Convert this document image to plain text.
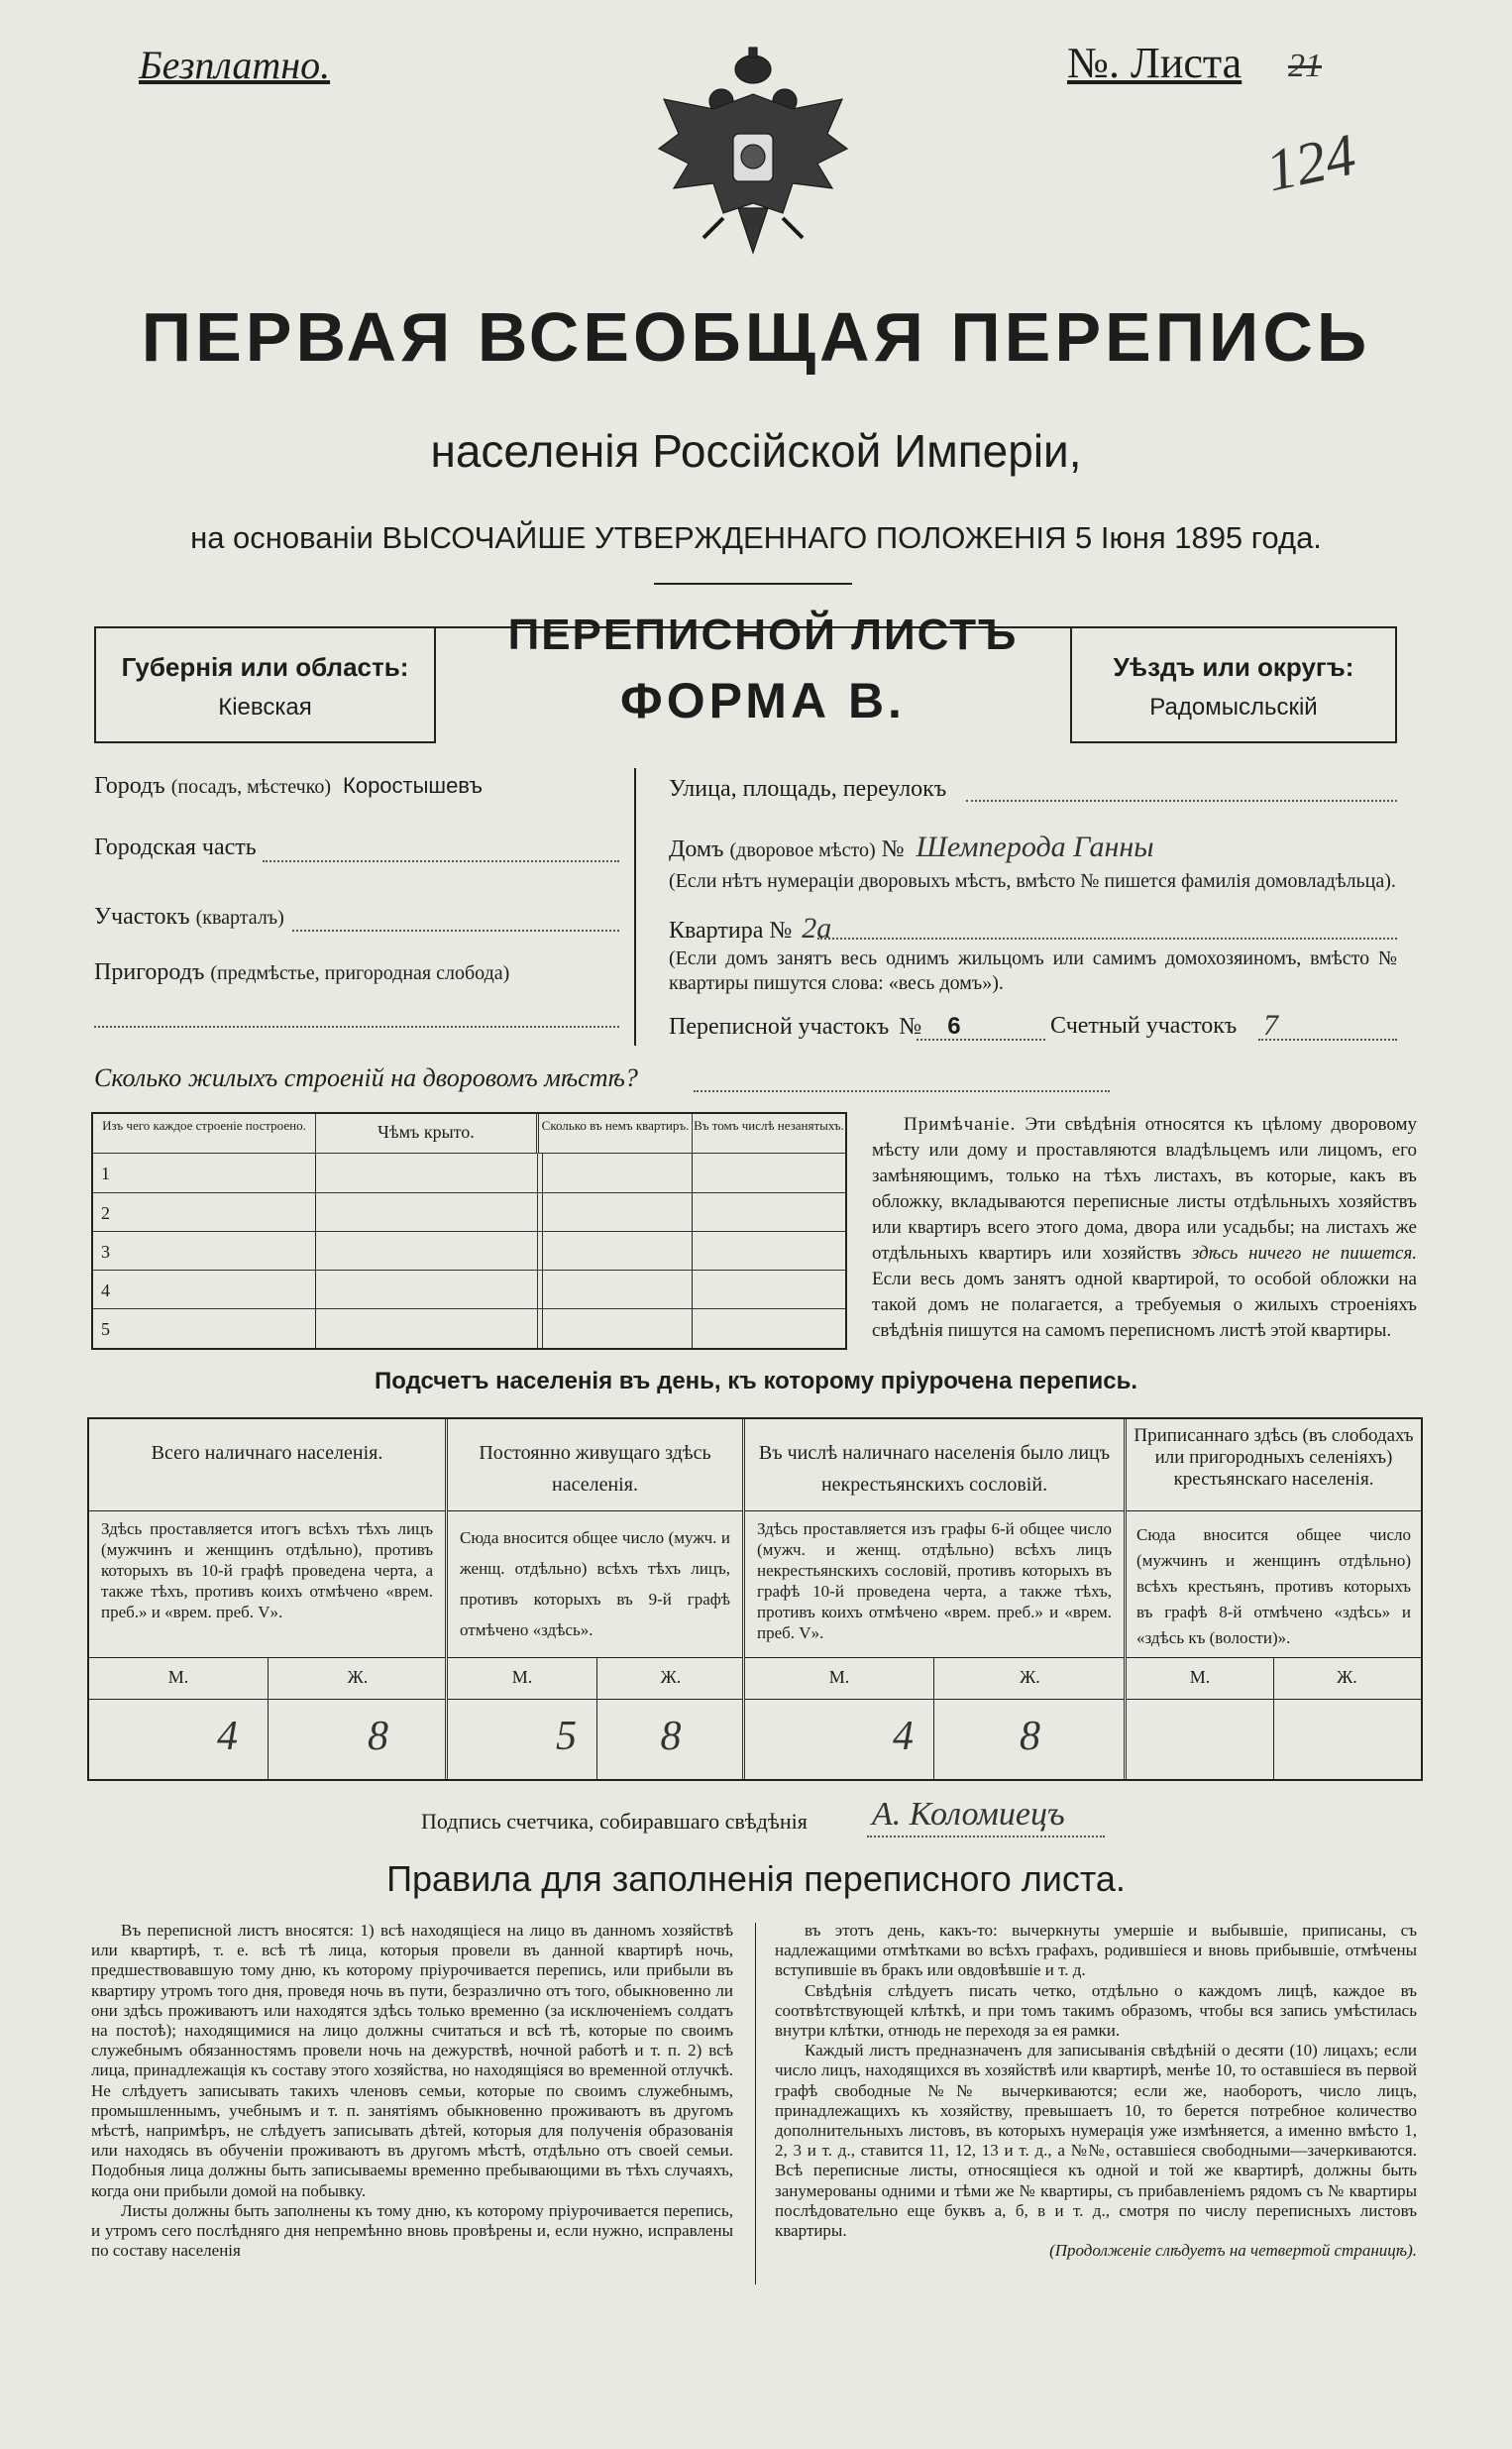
Безплатно.	№. Листа 21
124
ПЕРВАЯ ВСЕОБЩАЯ ПЕРЕПИСЬ
населенія Россійской Имперіи,
на основаніи ВЫСОЧАЙШЕ УТВЕРЖДЕННАГО ПОЛОЖЕНІЯ 5 Іюня 1895 года.
Губернія или область:
Кіевская
ПЕРЕПИСНОЙ ЛИСТЪ
ФОРМА В.
Уѣздъ или округъ:
Радомысльскій
Городъ (посадъ, мѣстечко) Коростышевъ
Городская часть
Участокъ (кварталъ)
Пригородъ (предмѣстье, пригородная слобода)
Улица, площадь, переулокъ
Домъ (дворовое мѣсто) № Шемперода Ганны
(Если нѣтъ нумераціи дворовыхъ мѣстъ, вмѣсто № пишется фамилія домовладѣльца).
Квартира № 2а
(Если домъ занятъ весь однимъ жильцомъ или самимъ домохозяиномъ, вмѣсто № квартиры пишутся слова: «весь домъ»).
Переписной участокъ № 6	Счетный участокъ 7
Сколько жилыхъ строеній на дворовомъ мѣстѣ?
Изъ чего каждое строеніе построено.	Чѣмъ крыто.	Сколько въ немъ квартиръ. Въ томъ числѣ незанятыхъ.
1
2
3
4
5
Примѣчаніе. Эти свѣдѣнія относятся къ цѣлому дворовому мѣсту или дому и проставляются владѣльцемъ или лицомъ, его замѣняющимъ, только на тѣхъ листахъ, въ которые, какъ въ обложку, вкладываются переписные листы отдѣльныхъ хозяйствъ или квартиръ всего этого дома, двора или усадьбы; на листахъ же отдѣльныхъ квартиръ или хозяйствъ здѣсь ничего не пишется. Если весь домъ занятъ одной квартирой, то особой обложки на такой домъ не полагается, а требуемыя о жилыхъ строеніяхъ свѣдѣнія пишутся на самомъ переписномъ листѣ этой квартиры.
Подсчетъ населенія въ день, къ которому пріурочена перепись.
Всего наличнаго населенія.
Здѣсь проставляется итогъ всѣхъ тѣхъ лицъ (мужчинъ и женщинъ отдѣльно), противъ которыхъ въ 10-й графѣ проведена черта, а также тѣхъ, противъ коихъ отмѣчено «врем. преб.» и «врем. преб. V».
М.	Ж.
4	8
Постоянно живущаго здѣсь населенія.
Сюда вносится общее число (мужч. и женщ. отдѣльно) всѣхъ тѣхъ лицъ, противъ которыхъ въ 9-й графѣ отмѣчено «здѣсь».
М.	Ж.
5	8
Въ числѣ наличнаго населенія было лицъ некрестьянскихъ сословій.
Здѣсь проставляется изъ графы 6-й общее число (мужч. и женщ. отдѣльно) всѣхъ лицъ некрестьянскихъ сословій, противъ которыхъ въ графѣ 10-й проведена черта, а также тѣхъ, противъ коихъ отмѣчено «врем. преб.» и «врем. преб. V».
М.	Ж.
4	8
Приписаннаго здѣсь (въ слободахъ или пригородныхъ селеніяхъ) крестьянскаго населенія.
Сюда вносится общее число (мужчинъ и женщинъ отдѣльно) всѣхъ крестьянъ, противъ которыхъ въ графѣ 8-й отмѣчено «здѣсь» и «здѣсь къ (волости)».
М.	Ж.
Подпись счетчика, собиравшаго свѣдѣнія А. Коломиецъ
Правила для заполненія переписного листа.

Въ переписной листъ вносятся: 1) всѣ находящіеся на лицо въ данномъ хозяйствѣ или квартирѣ, т. е. всѣ тѣ лица, которыя провели въ данной квартирѣ ночь, предшествовавшую тому дню, къ которому пріурочивается перепись, или прибыли въ квартиру утромъ того дня, проведя ночь въ пути, безразлично отъ того, обыкновенно ли они здѣсь проживаютъ или находятся здѣсь только временно (за исключеніемъ солдатъ на постоѣ); находящимися на лицо должны считаться и всѣ тѣ, которые по своимъ служебнымъ обязанностямъ провели ночь на дежурствѣ, ночной работѣ и т. п. 2) всѣ лица, принадлежащія къ составу этого хозяйства, но находящіяся во временной отлучкѣ. Не слѣдуетъ записывать такихъ членовъ семьи, которые по своимъ служебнымъ, промышленнымъ, учебнымъ и т. п. занятіямъ обыкновенно проживаютъ въ другомъ мѣстѣ, напримѣръ, не слѣдуетъ записывать дѣтей, которыя для полученія образованія или находясь въ обученіи проживаютъ въ другомъ мѣстѣ, отдѣльно отъ своей семьи. Подобныя лица должны быть записываемы временно пребывающими въ тѣхъ случаяхъ, когда они прибыли домой на побывку.

Листы должны быть заполнены къ тому дню, къ которому пріурочивается перепись, и утромъ сего послѣдняго дня непремѣнно вновь провѣрены и, если нужно, исправлены по составу населенія

въ этотъ день, какъ-то: вычеркнуты умершіе и выбывшіе, приписаны, съ надлежащими отмѣтками во всѣхъ графахъ, родившіеся и вновь прибывшіе, отмѣчены вступившіе въ бракъ или овдовѣвшіе и т. д.

Свѣдѣнія слѣдуетъ писать четко, отдѣльно о каждомъ лицѣ, каждое въ соотвѣтствующей клѣткѣ, и при томъ такимъ образомъ, чтобы вся запись умѣстилась внутри клѣтки, отнюдь не переходя за ея рамки.

Каждый листъ предназначенъ для записыванія свѣдѣній о десяти (10) лицахъ; если число лицъ, находящихся въ хозяйствѣ или квартирѣ, менѣе 10, то оставшіеся въ первой графѣ свободные №№ вычеркиваются; если же, наоборотъ, число лицъ, принадлежащихъ къ хозяйству, превышаетъ 10, то берется потребное количество дополнительныхъ листовъ, въ которыхъ нумерація уже измѣняется, а именно вмѣсто 1, 2, 3 и т. д., ставится 11, 12, 13 и т. д., а №№, оставшіеся свободными—зачеркиваются. Всѣ переписные листы, относящіеся къ одной и той же квартирѣ, должны быть занумерованы одними и тѣми же № квартиры, съ прибавленіемъ рядомъ съ № квартиры послѣдовательно еще буквъ а, б, в и т. д., смотря по числу переписныхъ листовъ квартиры.

(Продолженіе слѣдуетъ на четвертой страницѣ).
